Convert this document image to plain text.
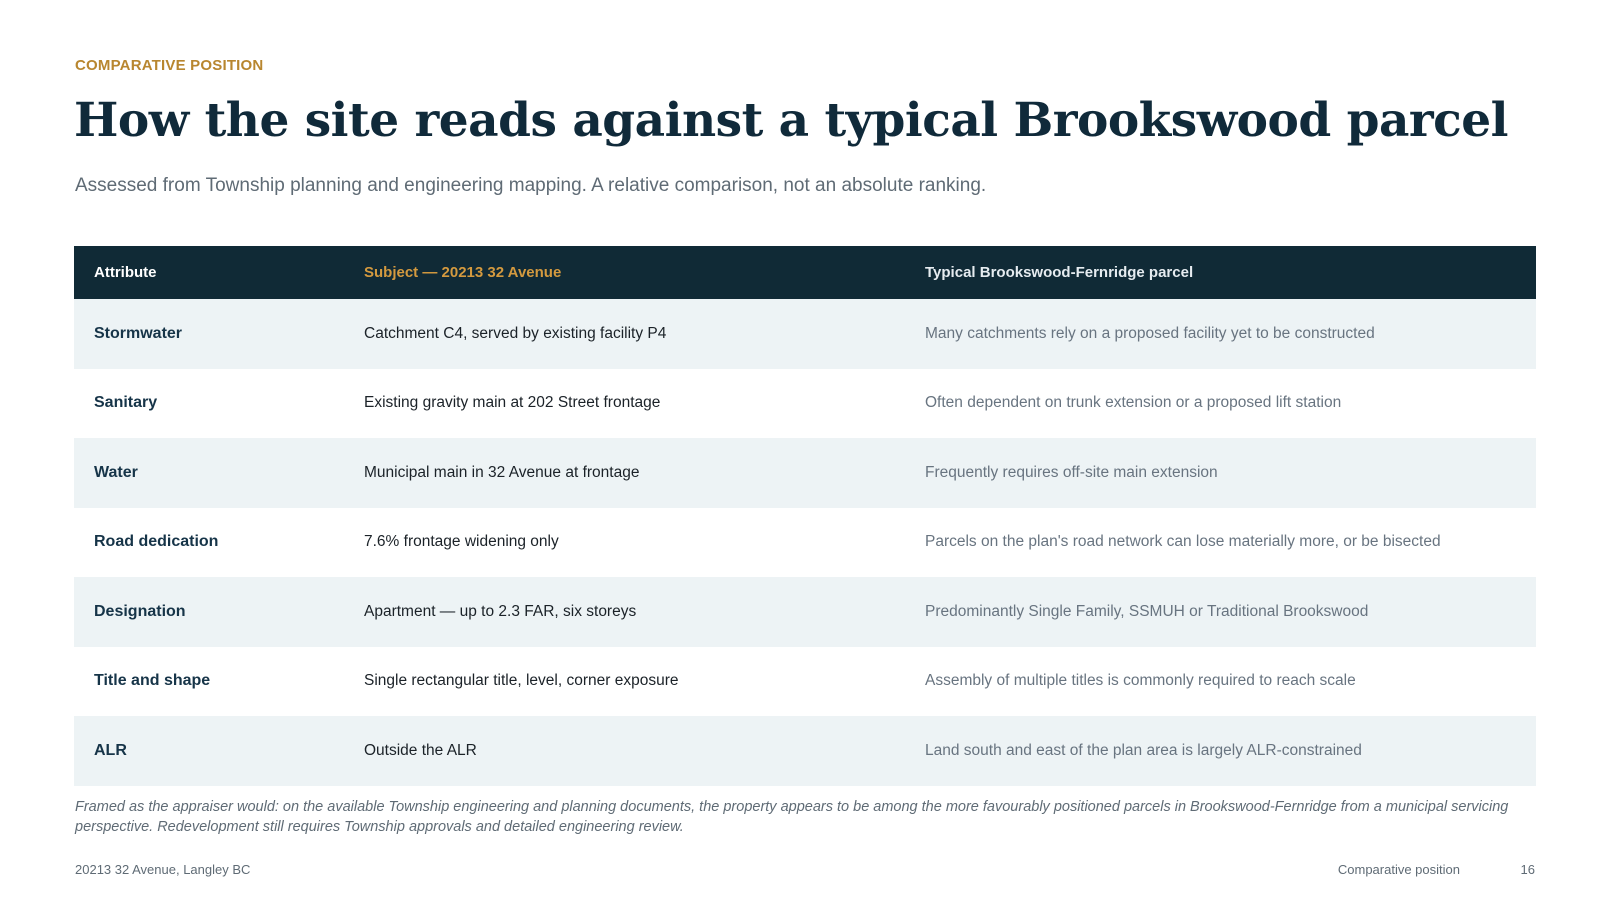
COMPARATIVE POSITION
How the site reads against a typical Brookswood parcel
Assessed from Township planning and engineering mapping. A relative comparison, not an absolute ranking.
Attribute	Subject — 20213 32 Avenue	Typical Brookswood-Fernridge parcel
Stormwater	Catchment C4, served by existing facility P4	Many catchments rely on a proposed facility yet to be constructed
Sanitary	Existing gravity main at 202 Street frontage	Often dependent on trunk extension or a proposed lift station
Water	Municipal main in 32 Avenue at frontage	Frequently requires off-site main extension
Road dedication	7.6% frontage widening only	Parcels on the plan's road network can lose materially more, or be bisected
Designation	Apartment — up to 2.3 FAR, six storeys	Predominantly Single Family, SSMUH or Traditional Brookswood
Title and shape	Single rectangular title, level, corner exposure	Assembly of multiple titles is commonly required to reach scale
ALR	Outside the ALR	Land south and east of the plan area is largely ALR-constrained
Framed as the appraiser would: on the available Township engineering and planning documents, the property appears to be among the more favourably positioned parcels in Brookswood-Fernridge from a municipal servicing perspective. Redevelopment still requires Township approvals and detailed engineering review.
20213 32 Avenue, Langley BC	Comparative position	16
